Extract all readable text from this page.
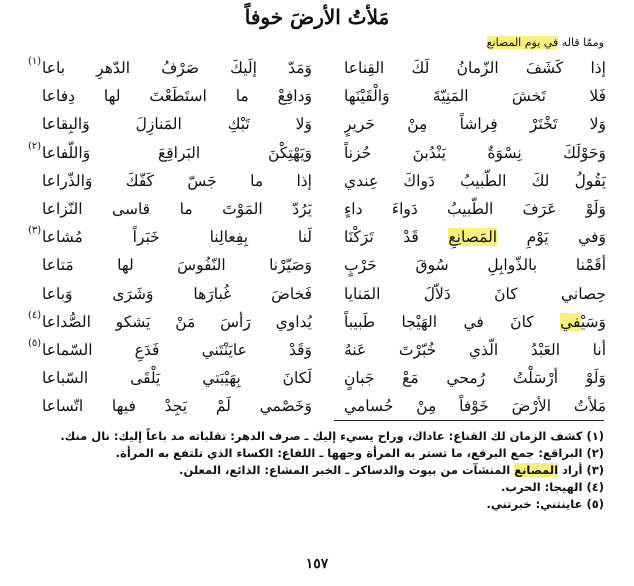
مَلأتُ الأرضَ خوفاً
وممّا قاله في يوم المصانع
إذا كَشَفَ الزّمانُ لَكَ القِناعا
وَمَدّ إلَيكَ صَرْفُ الدّهرِ باعا
(١)
فَلا تَخشَ المَنِيّةَ وَالْقَيْنَها
وَدافِعْ ما استَطَعْتَ لها دِفاعا
وَلا تَخْتَرْ فِراشاً مِنْ حَريرٍ
وَلا تَبْكِ المَنازِلَ وَالبِقاعا
وَحَوْلَكَ نِسْوَةٌ يَنْدُبنَ حُزناً
وَيَهْتِكْنَ البَراقِعَ وَاللّفاعا
(٢)
يَقُولُ لكَ الطّبيبُ دَواكَ عِندي
إذا ما جَسّ كَفّكَ وَالذّراعا
وَلَوْ عَرَفَ الطّبيبُ دَواءَ داءٍ
يَرُدّ المَوْتَ ما قاسى النّزاعا
وَفي يَوْمِ المَصانِعِ قَدْ تَرَكْنَا
لَنا بِفِعالِنا خَبَراً مُشاعا
(٣)
أقَمْنا بالذّوابِلِ سُوقَ حَرْبٍ
وَصَيّرْنا النّفُوسَ لها مَتاعا
حِصاني كانَ دَلاّلَ المَنايا
فَخاضَ غُبارَها وَشَرَى وَباعا
وَسَيْفي كانَ في الهَيْجا طَبيباً
يُداوي رَأسَ مَنْ يَشكو الصُّداعا
(٤)
أنا العَبْدُ الّذي خُبّرْتَ عَنهُ
وَقَدْ عايَنْتَني فَدَعِ السّماعا
(٥)
وَلَوْ أرْسَلْتُ رُمحي مَعْ جَبانٍ
لَكانَ بِهَيْبَتي يَلْقَى السّباعا
مَلأتُ الأرْضَ خَوْفاً مِنْ حُسامي
وَخَصْمي لَمْ يَجِدْ فيها اتّساعا
(١) كشف الزمان لك القناع: عاداك، وراح يسيء إليك ـ صرف الدهر: تقلباته مد باعاً إليك: نال منك.
(٢) البراقع: جمع البرقع، ما تستر به المرأة وجهها ـ اللفاع: الكساء الذي تلتفع به المرأة.
(٣) أراد المصانع المنشآت من بيوت والدساكر ـ الخبر المشاع: الذائع، المعلن.
(٤) الهيجا: الحرب.
(٥) عاينتني: خبرتني.
١٥٧
